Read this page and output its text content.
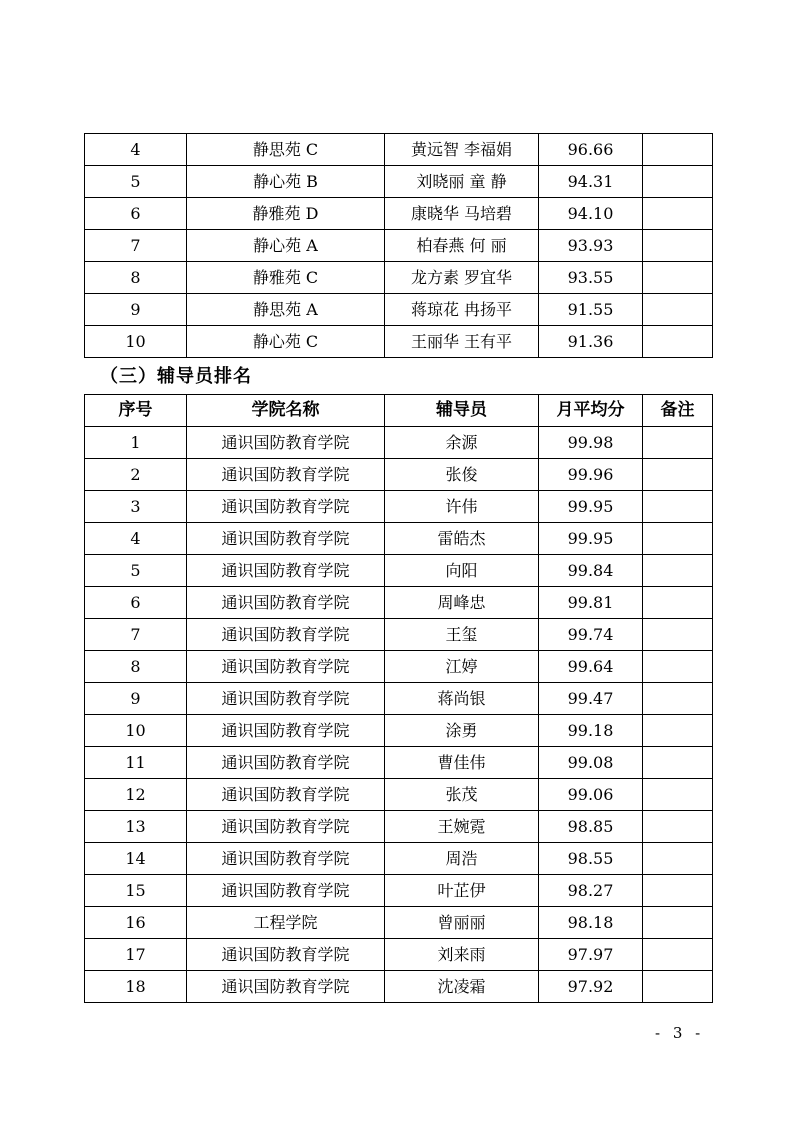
4	静思苑 C	黄远智 李福娟	96.66	
5	静心苑 B	刘晓丽 童 静	94.31	
6	静雅苑 D	康晓华 马培碧	94.10	
7	静心苑 A	柏春燕 何 丽	93.93	
8	静雅苑 C	龙方素 罗宜华	93.55	
9	静思苑 A	蒋琼花 冉扬平	91.55	
10	静心苑 C	王丽华 王有平	91.36	
（三）辅导员排名
序号	学院名称	辅导员	月平均分	备注
1	通识国防教育学院	余源	99.98	
2	通识国防教育学院	张俊	99.96	
3	通识国防教育学院	许伟	99.95	
4	通识国防教育学院	雷皓杰	99.95	
5	通识国防教育学院	向阳	99.84	
6	通识国防教育学院	周峰忠	99.81	
7	通识国防教育学院	王玺	99.74	
8	通识国防教育学院	江婷	99.64	
9	通识国防教育学院	蒋尚银	99.47	
10	通识国防教育学院	涂勇	99.18	
11	通识国防教育学院	曹佳伟	99.08	
12	通识国防教育学院	张茂	99.06	
13	通识国防教育学院	王婉霓	98.85	
14	通识国防教育学院	周浩	98.55	
15	通识国防教育学院	叶芷伊	98.27	
16	工程学院	曾丽丽	98.18	
17	通识国防教育学院	刘来雨	97.97	
18	通识国防教育学院	沈凌霜	97.92	
- 3 -
